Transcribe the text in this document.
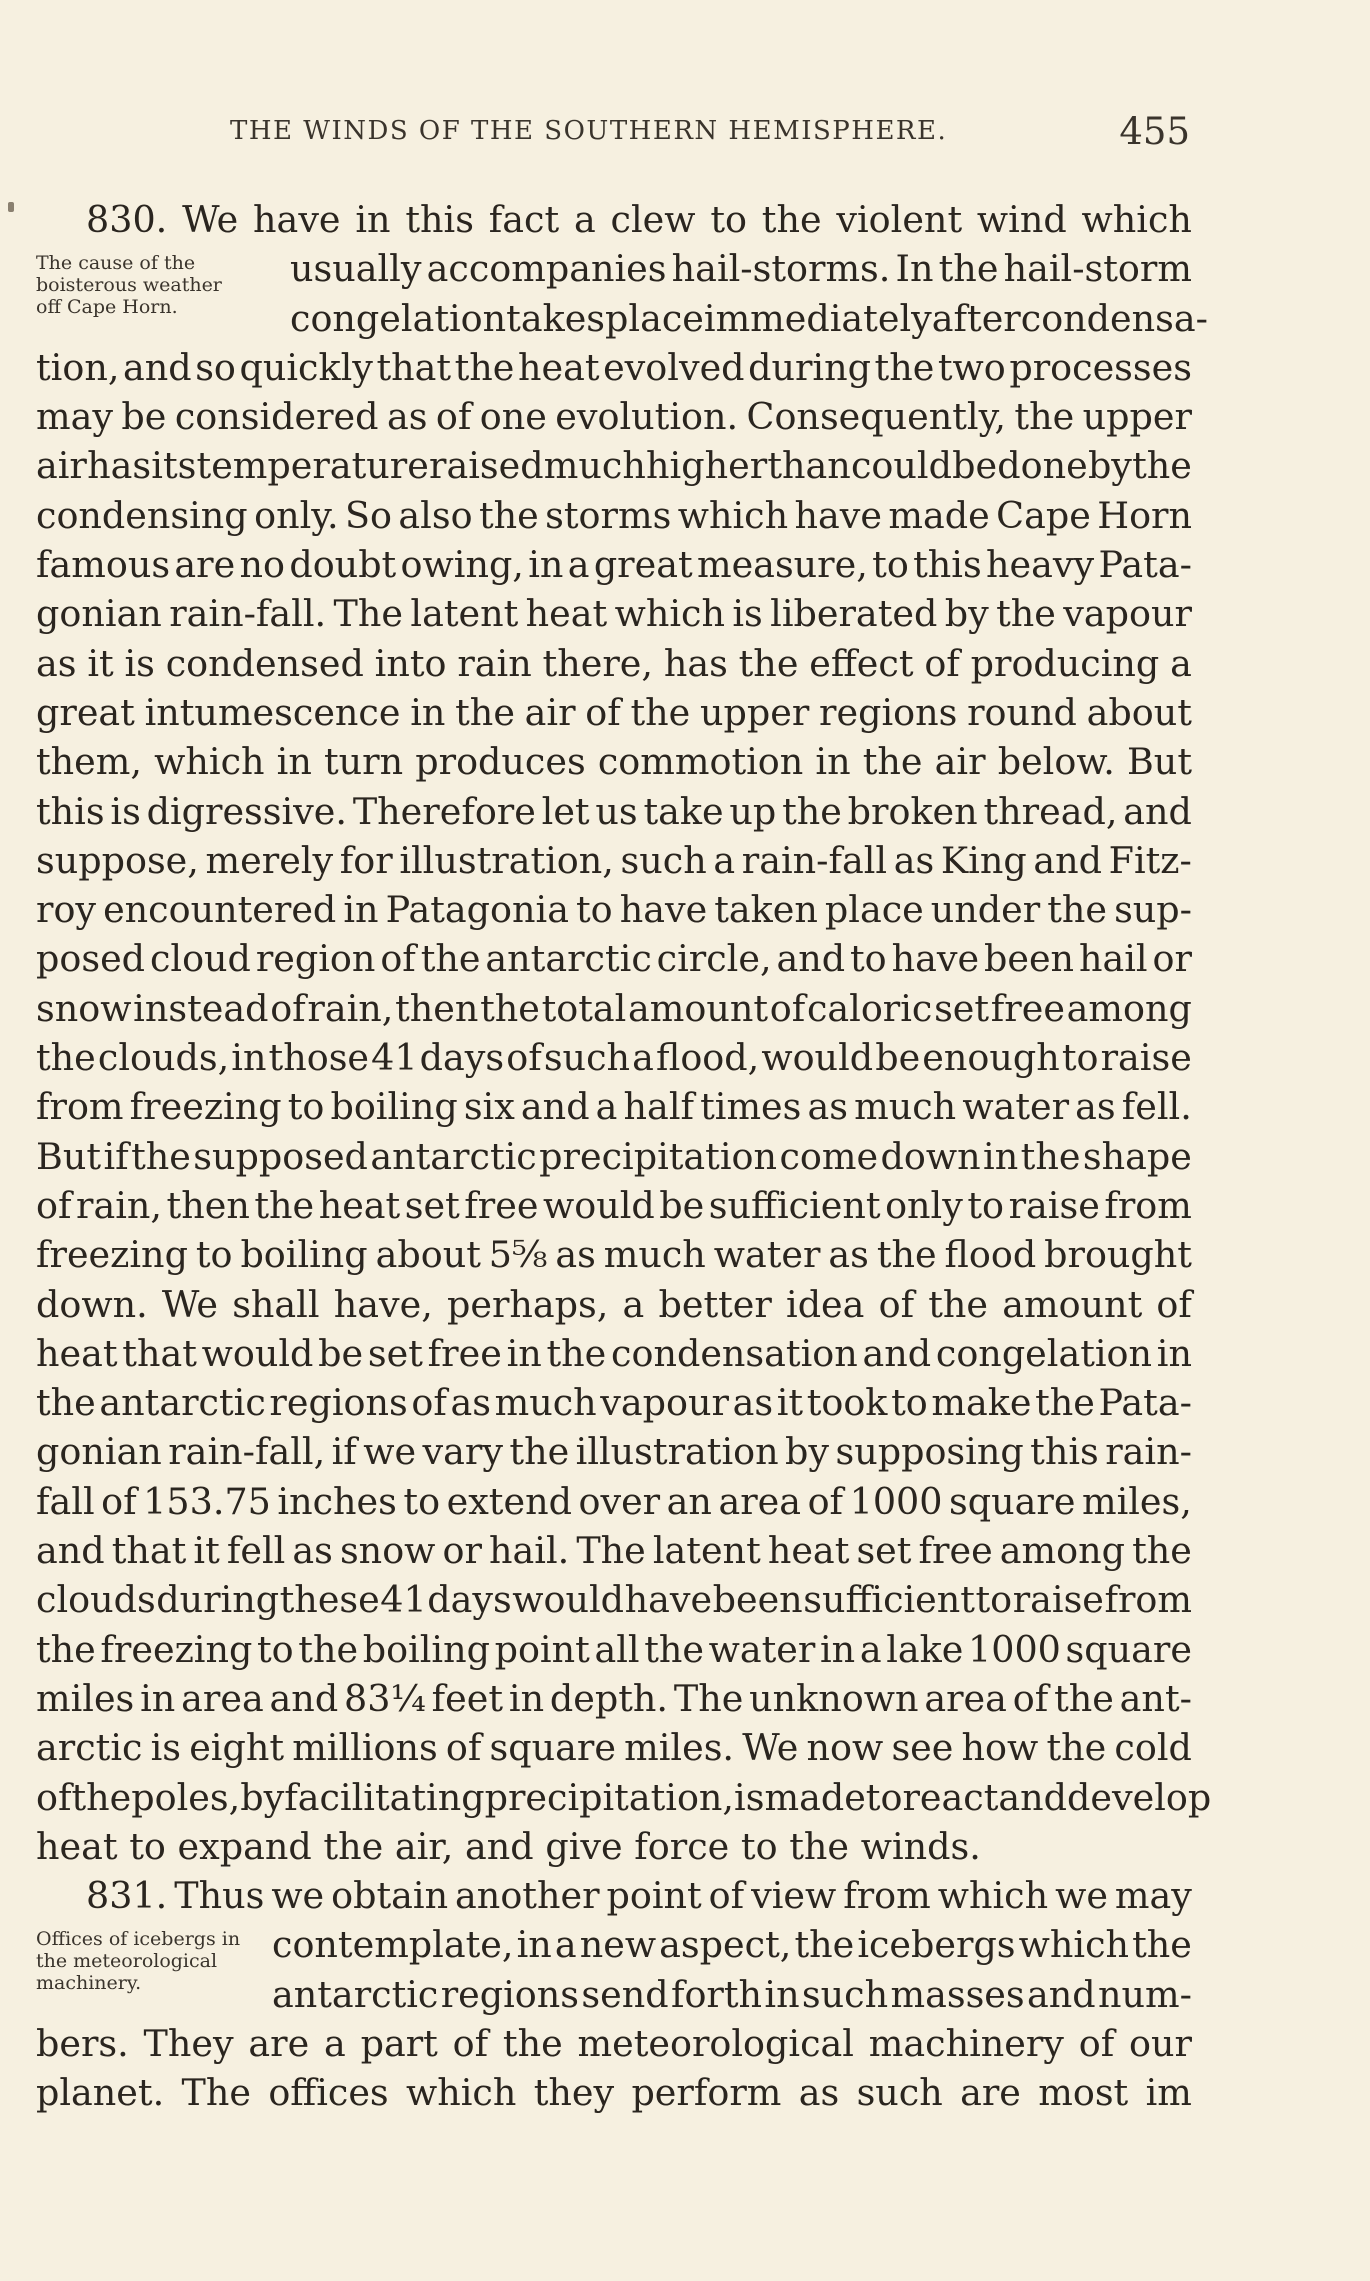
THE WINDS OF THE SOUTHERN HEMISPHERE.	455
830. We have in this fact a clew to the violent wind which
The cause of the
boisterous weather
off Cape Horn.
usually accompanies hail-storms. In the hail-storm
congelation takes place immediately after condensa-
tion, and so quickly that the heat evolved during the two processes
may be considered as of one evolution. Consequently, the upper
air has its temperature raised much higher than could be done by the
condensing only. So also the storms which have made Cape Horn
famous are no doubt owing, in a great measure, to this heavy Pata-
gonian rain-fall. The latent heat which is liberated by the vapour
as it is condensed into rain there, has the effect of producing a
great intumescence in the air of the upper regions round about
them, which in turn produces commotion in the air below. But
this is digressive. Therefore let us take up the broken thread, and
suppose, merely for illustration, such a rain-fall as King and Fitz-
roy encountered in Patagonia to have taken place under the sup-
posed cloud region of the antarctic circle, and to have been hail or
snow instead of rain, then the total amount of caloric set free among
the clouds, in those 41 days of such a flood, would be enough to raise
from freezing to boiling six and a half times as much water as fell.
But if the supposed antarctic precipitation come down in the shape
of rain, then the heat set free would be sufficient only to raise from
freezing to boiling about 5⅝ as much water as the flood brought
down. We shall have, perhaps, a better idea of the amount of
heat that would be set free in the condensation and congelation in
the antarctic regions of as much vapour as it took to make the Pata-
gonian rain-fall, if we vary the illustration by supposing this rain-
fall of 153.75 inches to extend over an area of 1000 square miles,
and that it fell as snow or hail. The latent heat set free among the
clouds during these 41 days would have been sufficient to raise from
the freezing to the boiling point all the water in a lake 1000 square
miles in area and 83¼ feet in depth. The unknown area of the ant-
arctic is eight millions of square miles. We now see how the cold
of the poles, by facilitating precipitation, is made to react and develop
heat to expand the air, and give force to the winds.
831. Thus we obtain another point of view from which we may
Offices of icebergs in
the meteorological
machinery.
contemplate, in a new aspect, the icebergs which the
antarctic regions send forth in such masses and num-
bers. They are a part of the meteorological machinery of our
planet. The offices which they perform as such are most im
